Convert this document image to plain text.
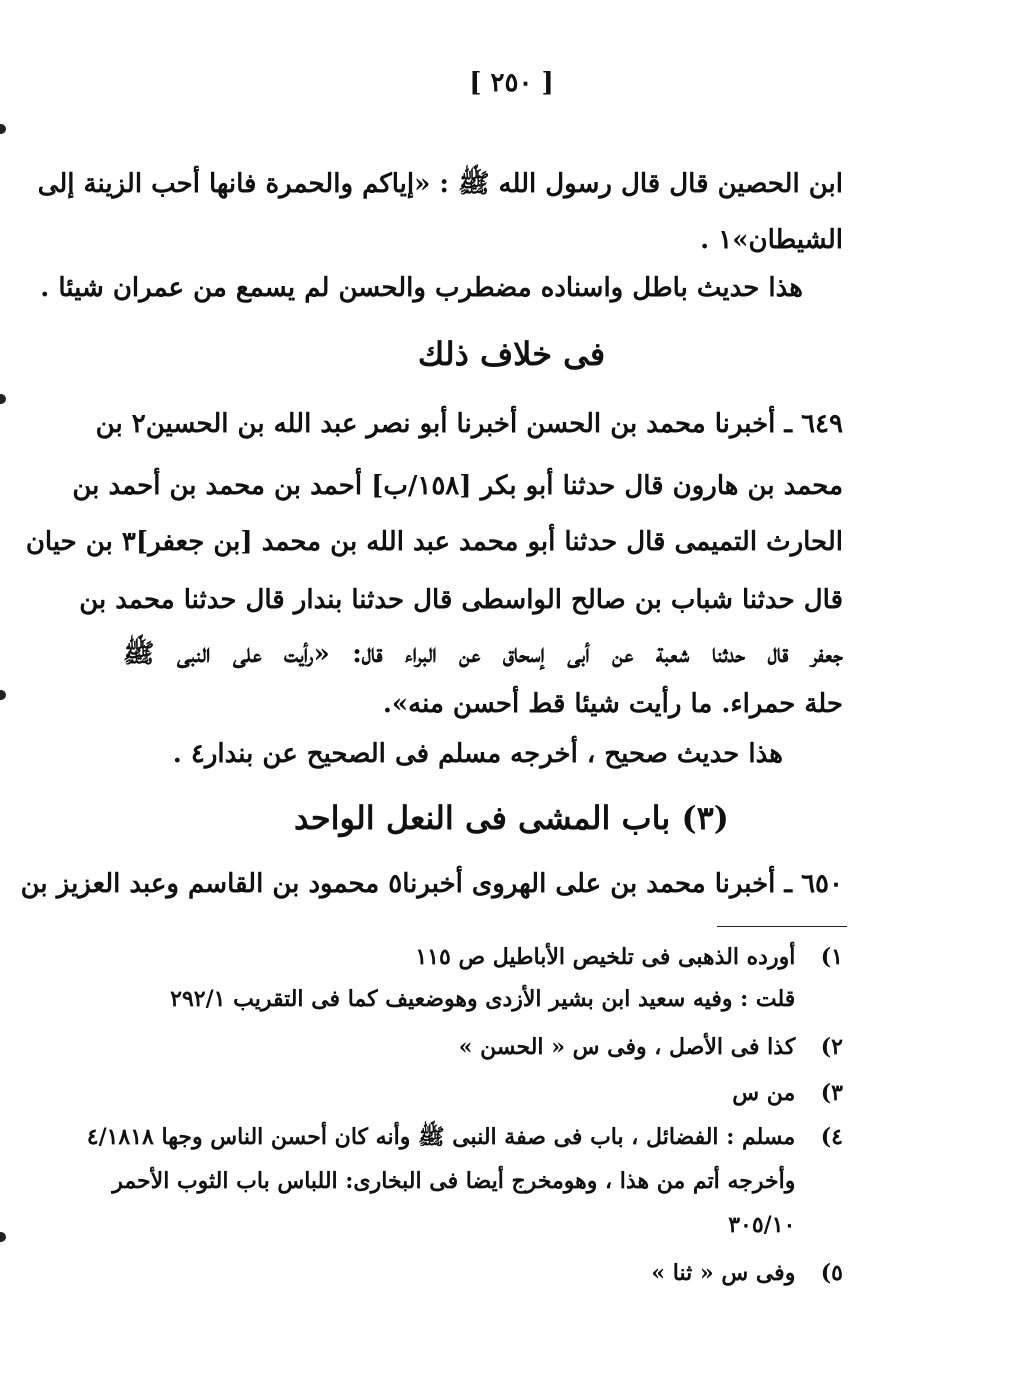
[ ٢٥٠ ]
ابن الحصين قال قال رسول الله ﷺ : «إياكم والحمرة فانها أحب الزينة إلى
الشيطان»١ .
هذا حديث باطل واسناده مضطرب والحسن لم يسمع من عمران شيئا .
فى خلاف ذلك
٦٤٩ ـ أخبرنا محمد بن الحسن أخبرنا أبو نصر عبد الله بن الحسين٢ بن
محمد بن هارون قال حدثنا أبو بكر [١٥٨/ب] أحمد بن محمد بن أحمد بن
الحارث التميمى قال حدثنا أبو محمد عبد الله بن محمد [بن جعفر]٣ بن حيان
قال حدثنا شباب بن صالح الواسطى قال حدثنا بندار قال حدثنا محمد بن
جعفر قال حدثنا شعبة عن أبى إسحاق عن البراء قال: «رأيت على النبى ﷺ
حلة حمراء. ما رأيت شيئا قط أحسن منه».
هذا حديث صحيح ، أخرجه مسلم فى الصحيح عن بندار٤ .
(٣) باب المشى فى النعل الواحد
٦٥٠ ـ أخبرنا محمد بن على الهروى أخبرنا٥ محمود بن القاسم وعبد العزيز بن
١) أورده الذهبى فى تلخيص الأباطيل ص ١١٥
قلت : وفيه سعيد ابن بشير الأزدى وهوضعيف كما فى التقريب ٢٩٢/١
٢) كذا فى الأصل ، وفى س « الحسن »
٣) من س
٤) مسلم : الفضائل ، باب فى صفة النبى ﷺ وأنه كان أحسن الناس وجها ٤/١٨١٨
وأخرجه أتم من هذا ، وهومخرج أيضا فى البخارى: اللباس باب الثوب الأحمر
٣٠٥/١٠
٥) وفى س « ثنا »
